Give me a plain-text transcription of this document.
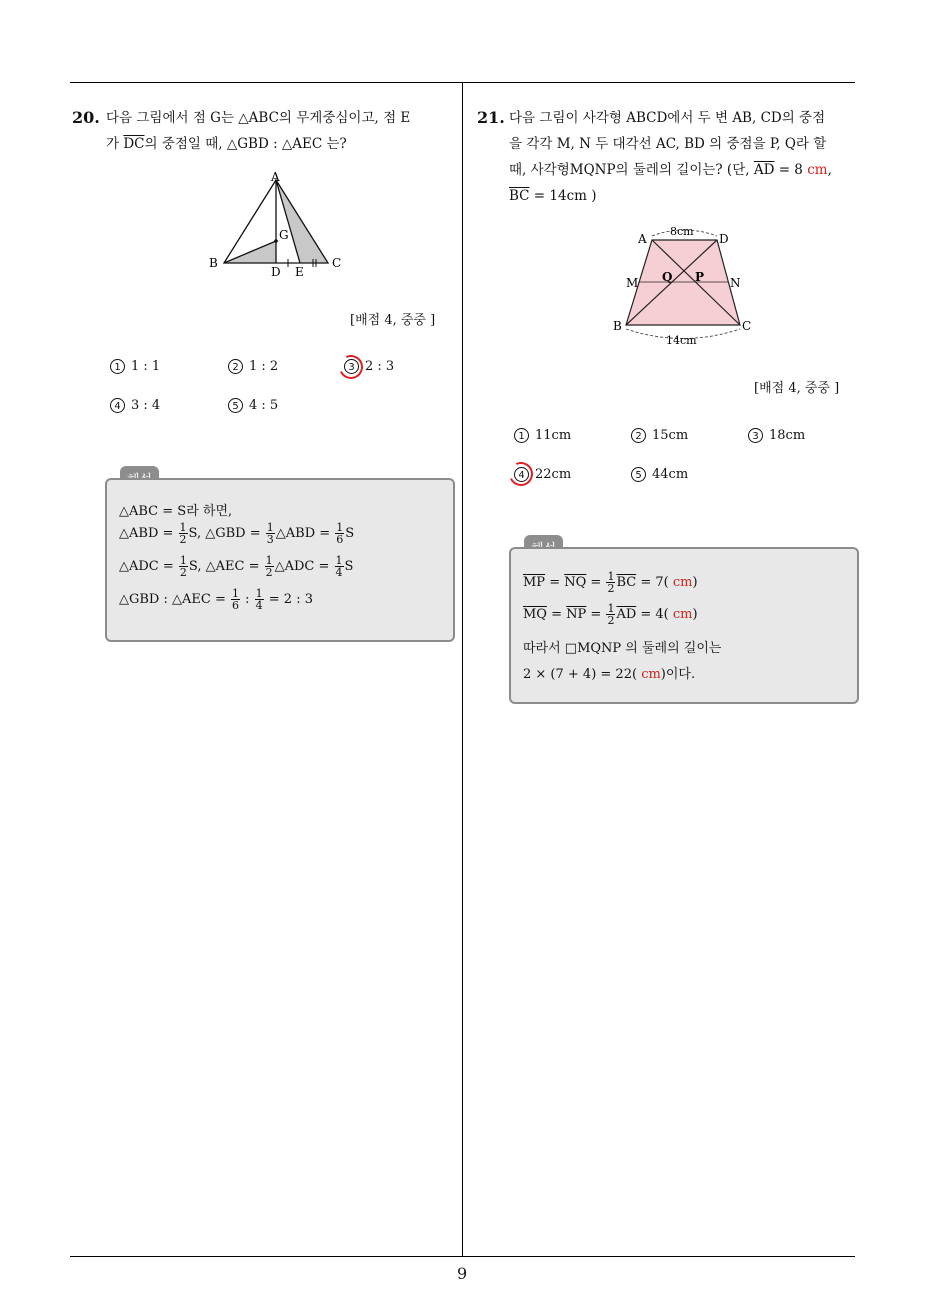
9
20. 다음 그림에서 점 G는 △ABC의 무게중심이고, 점 E
가 $\overline{DC}$의 중점일 때, △GBD : △AEC 는?
A
B	C
D E
G
[배점 4, 중중 ]
1 1 : 1	2 1 : 2	3 2 : 3
4 3 : 4	5 4 : 5
△ABC = S라 하면,
△ABD = $\frac{1}{2} S$, △GBD = $\frac{1}{3}$ △ABD = $\frac{1}{6}$ S
△ADC = $\frac{1}{2} S$, △AEC = $\frac{1}{2}$ △ADC = $\frac{1}{4}$ S
△GBD : △AEC = $\frac{1}{6}$ : $\frac{1}{4} = 2$ : 3
21. 다음 그림이 사각형 ABCD에서 두 변 AB, CD의 중점
을 각각 M, N 두 대각선 AC, BD 의 중점을 P, Q라 할
때, 사각형MQNP의 둘레의 길이는? (단, $\overline{AD} = 8$ cm,
$\overline{BC} = 14cm$ )
8cm
14cm
A	D
B	C
M	N
Q P
[배점 4, 중중 ]
1 11cm	2 15cm	3 18cm
4 22cm	5 44cm
$\overline{MP} = \overline{NQ} = \frac{1}{2} \overline{BC} = 7$( cm)
$\overline{MQ} = \overline{NP} = \frac{1}{2} \overline{AD} = 4$( cm)
따라서 □MQNP 의 둘레의 길이는
2 × (7 + 4) = 22( cm)이다.
